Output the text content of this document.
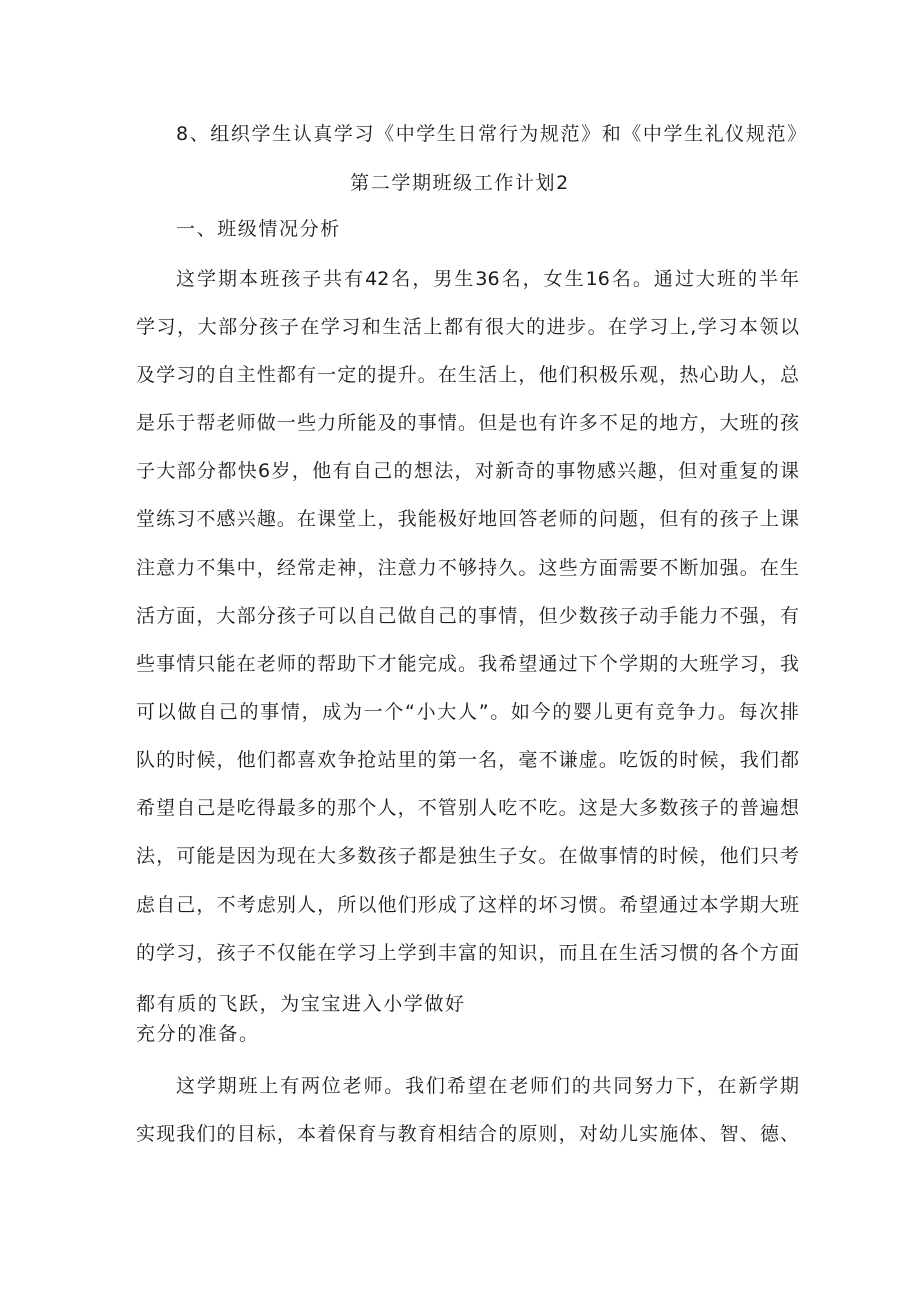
8、组织学生认真学习《中学生日常行为规范》和《中学生礼仪规范》
第二学期班级工作计划2
一、班级情况分析
这学期本班孩子共有42名，男生36名，女生16名。通过大班的半年
学习，大部分孩子在学习和生活上都有很大的进步。在学习上,学习本领以
及学习的自主性都有一定的提升。在生活上，他们积极乐观，热心助人，总
是乐于帮老师做一些力所能及的事情。但是也有许多不足的地方，大班的孩
子大部分都快6岁，他有自己的想法，对新奇的事物感兴趣，但对重复的课
堂练习不感兴趣。在课堂上，我能极好地回答老师的问题，但有的孩子上课
注意力不集中，经常走神，注意力不够持久。这些方面需要不断加强。在生
活方面，大部分孩子可以自己做自己的事情，但少数孩子动手能力不强，有
些事情只能在老师的帮助下才能完成。我希望通过下个学期的大班学习，我
可以做自己的事情，成为一个“小大人”。如今的婴儿更有竞争力。每次排
队的时候，他们都喜欢争抢站里的第一名，毫不谦虚。吃饭的时候，我们都
希望自己是吃得最多的那个人，不管别人吃不吃。这是大多数孩子的普遍想
法，可能是因为现在大多数孩子都是独生子女。在做事情的时候，他们只考
虑自己，不考虑别人，所以他们形成了这样的坏习惯。希望通过本学期大班
的学习，孩子不仅能在学习上学到丰富的知识，而且在生活习惯的各个方面
都有质的飞跃，为宝宝进入小学做好
充分的准备。
这学期班上有两位老师。我们希望在老师们的共同努力下，在新学期
实现我们的目标，本着保育与教育相结合的原则，对幼儿实施体、智、德、
